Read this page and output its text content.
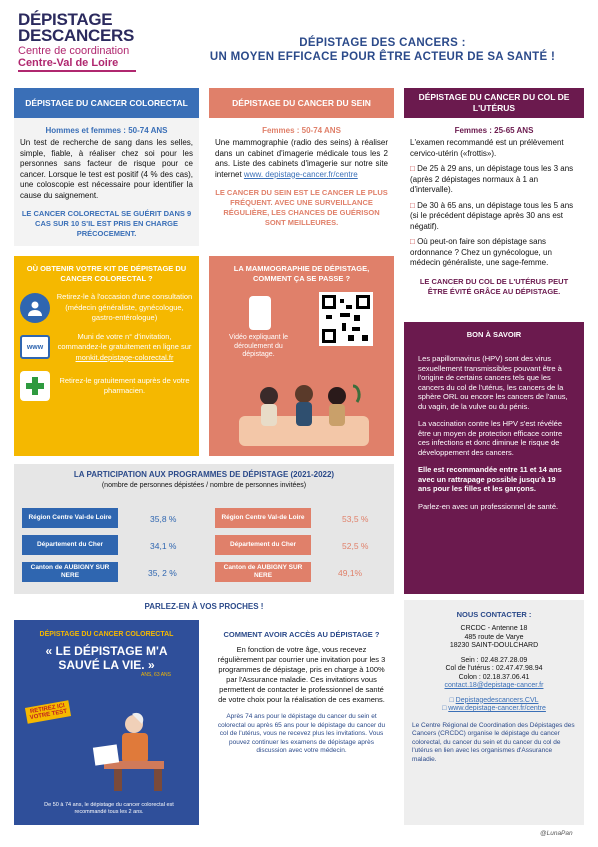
DÉPISTAGE
DESCANCERS
Centre de coordination
Centre-Val de Loire
DÉPISTAGE DES CANCERS :
UN MOYEN EFFICACE POUR ÊTRE ACTEUR DE SA SANTÉ !
DÉPISTAGE DU CANCER COLORECTAL
Hommes et femmes : 50-74 ANS
Un test de recherche de sang dans les selles, simple, fiable, à réaliser chez soi pour les personnes sans facteur de risque pour ce cancer. Lorsque le test est positif (4 % des cas), une coloscopie est nécessaire pour identifier la cause du saignement.
LE CANCER COLORECTAL SE GUÉRIT DANS 9 CAS SUR 10 S'IL EST PRIS EN CHARGE PRÉCOCEMENT.
DÉPISTAGE DU CANCER DU SEIN
Femmes : 50-74 ANS
Une mammographie (radio des seins) à réaliser dans un cabinet d'imagerie médicale tous les 2 ans. Liste des cabinets d'imagerie sur notre site internet www. depistage-cancer.fr/centre
LE CANCER DU SEIN EST LE CANCER LE PLUS FRÉQUENT. AVEC UNE SURVEILLANCE RÉGULIÈRE, LES CHANCES DE GUÉRISON SONT MEILLEURES.
DÉPISTAGE DU CANCER DU COL DE L'UTÉRUS
Femmes : 25-65 ANS
L'examen recommandé est un prélèvement cervico-utérin («frottis»).
□ De 25 à 29 ans, un dépistage tous les 3 ans (après 2 dépistages normaux à 1 an d'intervalle).
□ De 30 à 65 ans, un dépistage tous les 5 ans (si le précédent dépistage après 30 ans est négatif).
□ Où peut-on faire son dépistage sans ordonnance ? Chez un gynécologue, un médecin généraliste, une sage-femme.
LE CANCER DU COL DE L'UTÉRUS PEUT ÊTRE ÉVITÉ GRÂCE AU DÉPISTAGE.
OÙ OBTENIR VOTRE KIT DE DÉPISTAGE DU CANCER COLORECTAL ?
Retirez-le à l'occasion d'une consultation (médecin généraliste, gynécologue, gastro-entérologue)
www
Muni de votre n° d'invitation, commandez-le gratuitement en ligne sur monkit.depistage-colorectal.fr
Retirez-le gratuitement auprès de votre pharmacien.
LA MAMMOGRAPHIE DE DÉPISTAGE, COMMENT ÇA SE PASSE ?
Vidéo expliquant le déroulement du dépistage.
BON À SAVOIR
Les papillomavirus (HPV) sont des virus sexuellement transmissibles pouvant être à l'origine de certains cancers tels que les cancers du col de l'utérus, les cancers de la sphère ORL ou encore les cancers de l'anus, du vagin, de la vulve ou du pénis.
La vaccination contre les HPV s'est révélée être un moyen de protection efficace contre ces infections et donc diminue le risque de développement des cancers.
Elle est recommandée entre 11 et 14 ans avec un rattrapage possible jusqu'à 19 ans pour les filles et les garçons.
Parlez-en avec un professionnel de santé.
LA PARTICIPATION AUX PROGRAMMES DE DÉPISTAGE (2021-2022)
(nombre de personnes dépistées / nombre de personnes invitées)
Région Centre Val-de Loire	35,8 %
Département du Cher	34,1 %
Canton de AUBIGNY SUR NERE	35, 2 %
Région Centre Val-de Loire	53,5 %
Département du Cher	52,5 %
Canton de AUBIGNY SUR NERE	49,1%
PARLEZ-EN À VOS PROCHES !
DÉPISTAGE DU CANCER COLORECTAL
« LE DÉPISTAGE M'A SAUVÉ LA VIE. »
ANS, 63 ANS
RETIREZ ICI VOTRE TEST
De 50 à 74 ans, le dépistage du cancer colorectal est recommandé tous les 2 ans.
COMMENT AVOIR ACCÈS AU DÉPISTAGE ?
En fonction de votre âge, vous recevez régulièrement par courrier une invitation pour les 3 programmes de dépistage, pris en charge à 100% par l'Assurance maladie. Ces invitations vous permettent de contacter le professionnel de santé de votre choix pour la réalisation de ces examens.
Après 74 ans pour le dépistage du cancer du sein et colorectal ou après 65 ans pour le dépistage du cancer du col de l'utérus, vous ne recevez plus les invitations. Vous pouvez continuer les examens de dépistage après discussion avec votre médecin.
NOUS CONTACTER :
CRCDC - Antenne 18
485 route de Varye
18230 SAINT-DOULCHARD
Sein : 02.48.27.28.09
Col de l'utérus : 02.47.47.98.94
Colon : 02.18.37.06.41
contact.18@depistage-cancer.fr
□ Depistagedescancers.CVL
□ www.depistage-cancer.fr/centre
Le Centre Régional de Coordination des Dépistages des Cancers (CRCDC) organise le dépistage du cancer colorectal, du cancer du sein et du cancer du col de l'utérus en lien avec les organismes d'Assurance maladie.
@LunaPan
